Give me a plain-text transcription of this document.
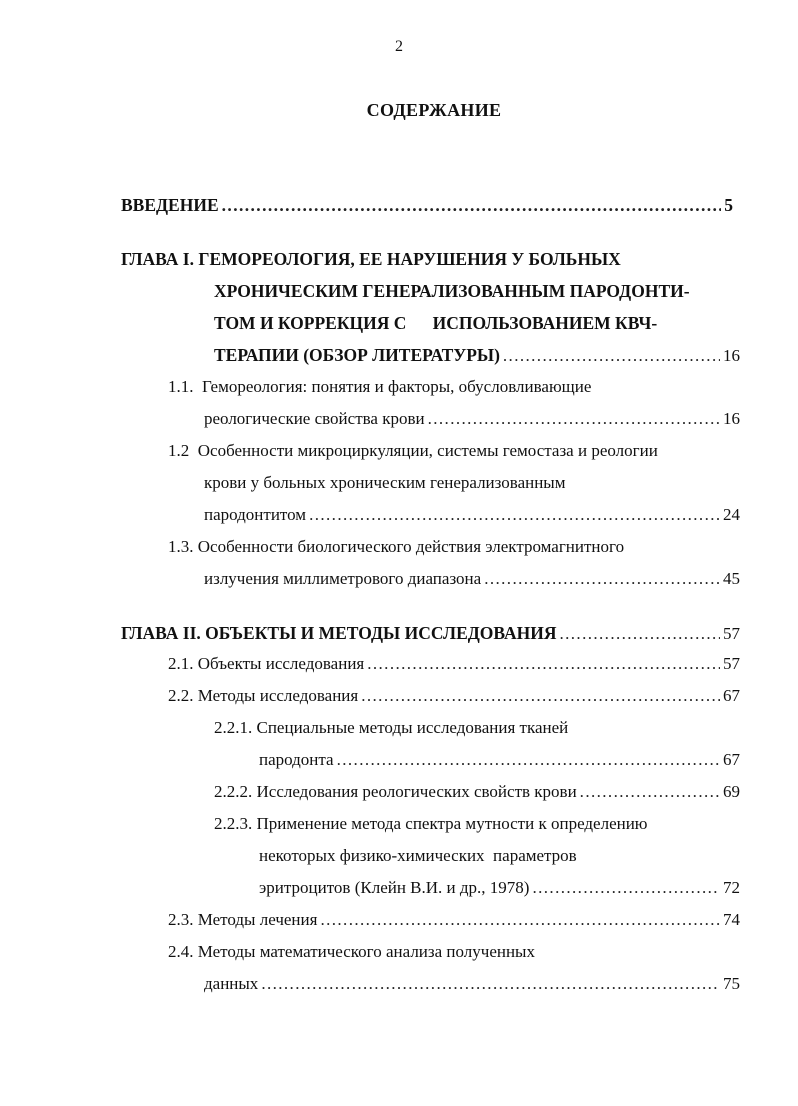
2
СОДЕРЖАНИЕ
ВВЕДЕНИЕ .....	5
ГЛАВА I. ГЕМОРЕОЛОГИЯ, ЕЕ НАРУШЕНИЯ У БОЛЬНЫХ
ХРОНИЧЕСКИМ ГЕНЕРАЛИЗОВАННЫМ ПАРОДОНТИ-
ТОМ И КОРРЕКЦИЯ С      ИСПОЛЬЗОВАНИЕМ КВЧ-
ТЕРАПИИ (ОБЗОР ЛИТЕРАТУРЫ) .....	16
1.1.  Гемореология: понятия и факторы, обусловливающие
реологические свойства крови .....	16
1.2  Особенности микроциркуляции, системы гемостаза и реологии
крови у больных хроническим генерализованным
пародонтитом .....	24
1.3. Особенности биологического действия электромагнитного
излучения миллиметрового диапазона .....	45
ГЛАВА II. ОБЪЕКТЫ И МЕТОДЫ ИССЛЕДОВАНИЯ .....	57
2.1. Объекты исследования .....	57
2.2. Методы исследования .....	67
2.2.1. Специальные методы исследования тканей
пародонта .....	67
2.2.2. Исследования реологических свойств крови .....	69
2.2.3. Применение метода спектра мутности к определению
некоторых физико-химических  параметров
эритроцитов (Клейн В.И. и др., 1978) .....	72
2.3. Методы лечения .....	74
2.4. Методы математического анализа полученных
данных .....	75
